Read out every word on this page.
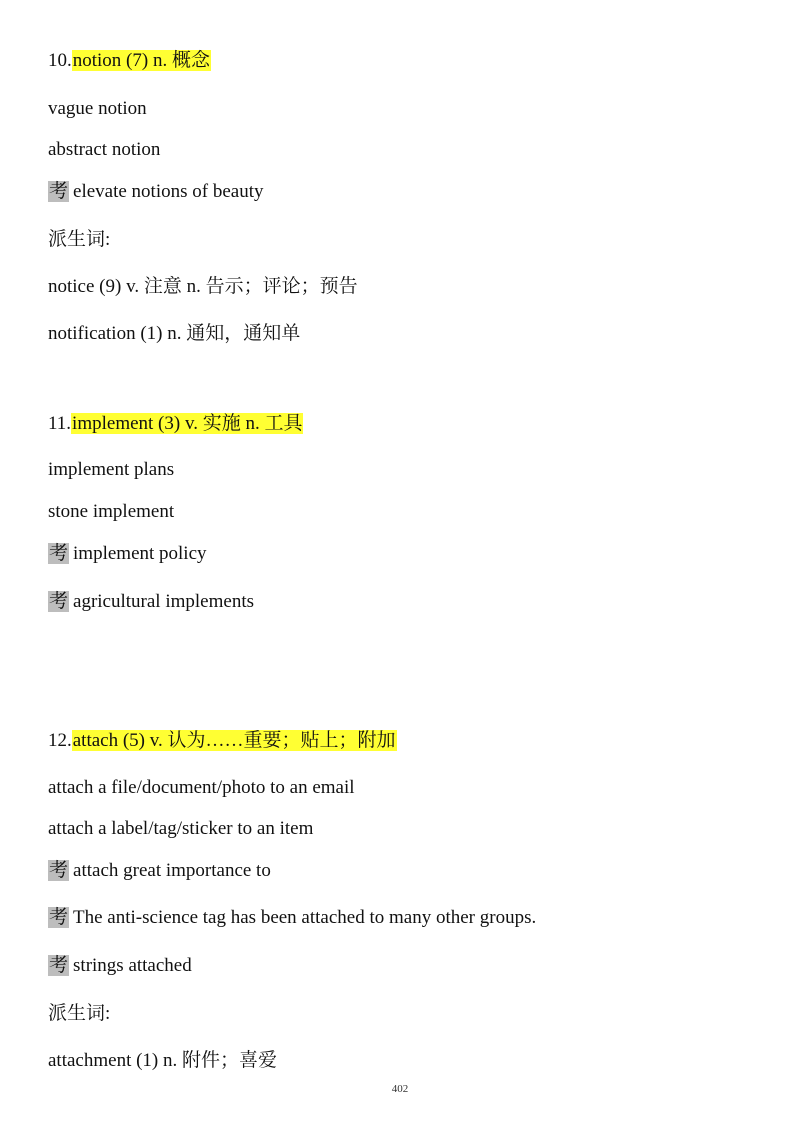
10.notion (7) n. 概念
vague notion
abstract notion
考 elevate notions of beauty
派生词:
notice (9) v. 注意 n. 告示；评论；预告
notification (1) n. 通知，通知单
11.implement (3) v. 实施 n. 工具
implement plans
stone implement
考 implement policy
考 agricultural implements
12.attach (5) v. 认为……重要；贴上；附加
attach a file/document/photo to an email
attach a label/tag/sticker to an item
考 attach great importance to
考 The anti-science tag has been attached to many other groups.
考 strings attached
派生词:
attachment (1) n. 附件；喜爱
402
